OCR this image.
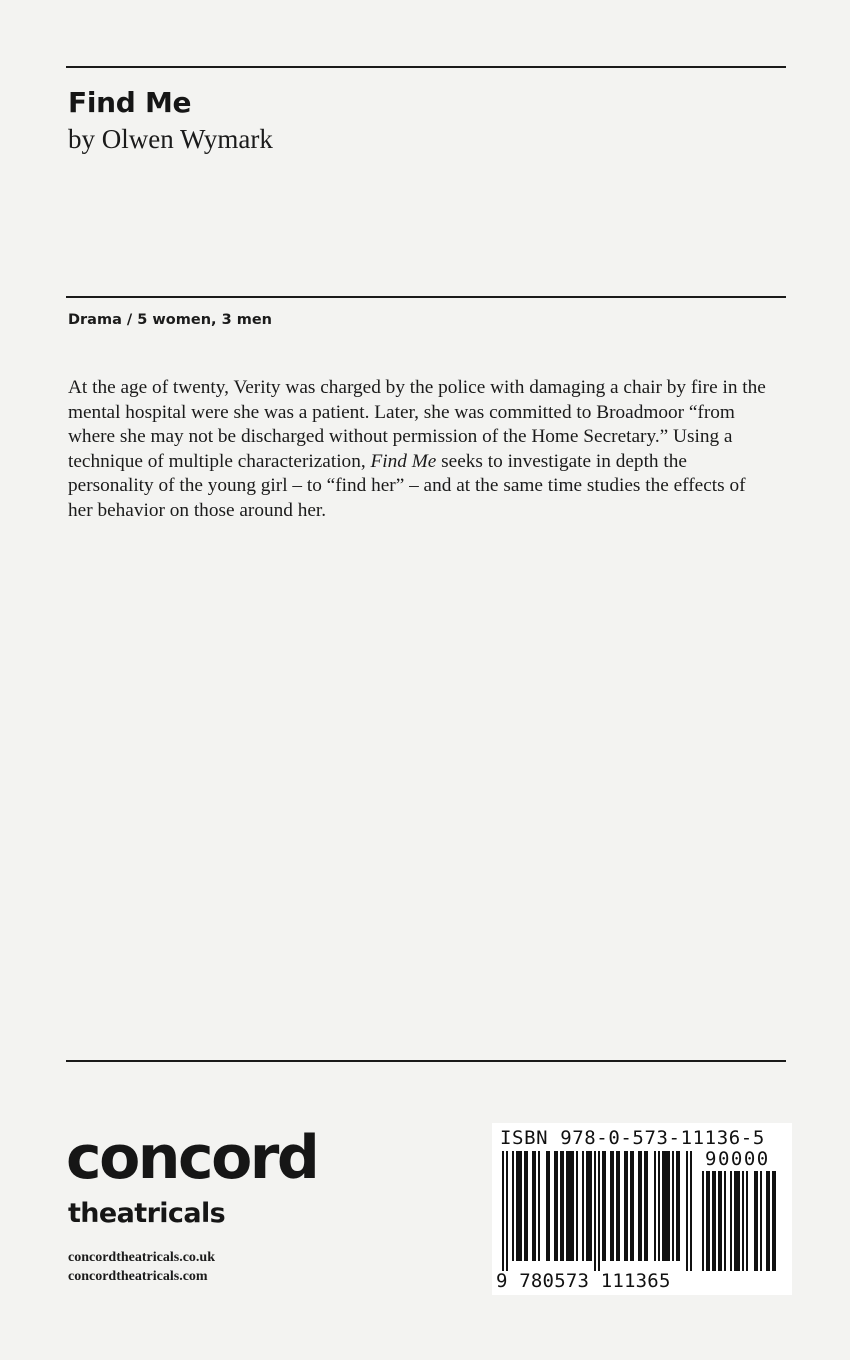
Find Me
by Olwen Wymark
Drama / 5 women, 3 men

At the age of twenty, Verity was charged by the police with damaging a chair by fire in the mental hospital were she was a patient. Later, she was committed to Broadmoor “from where she may not be discharged without permission of the Home Secretary.” Using a technique of multiple characterization, Find Me seeks to investigate in depth the personality of the young girl – to “find her” – and at the same time studies the effects of her behavior on those around her.

concord
theatricals
concordtheatricals.co.uk
concordtheatricals.com
ISBN 978-0-573-11136-5
90000
9 780573 111365
